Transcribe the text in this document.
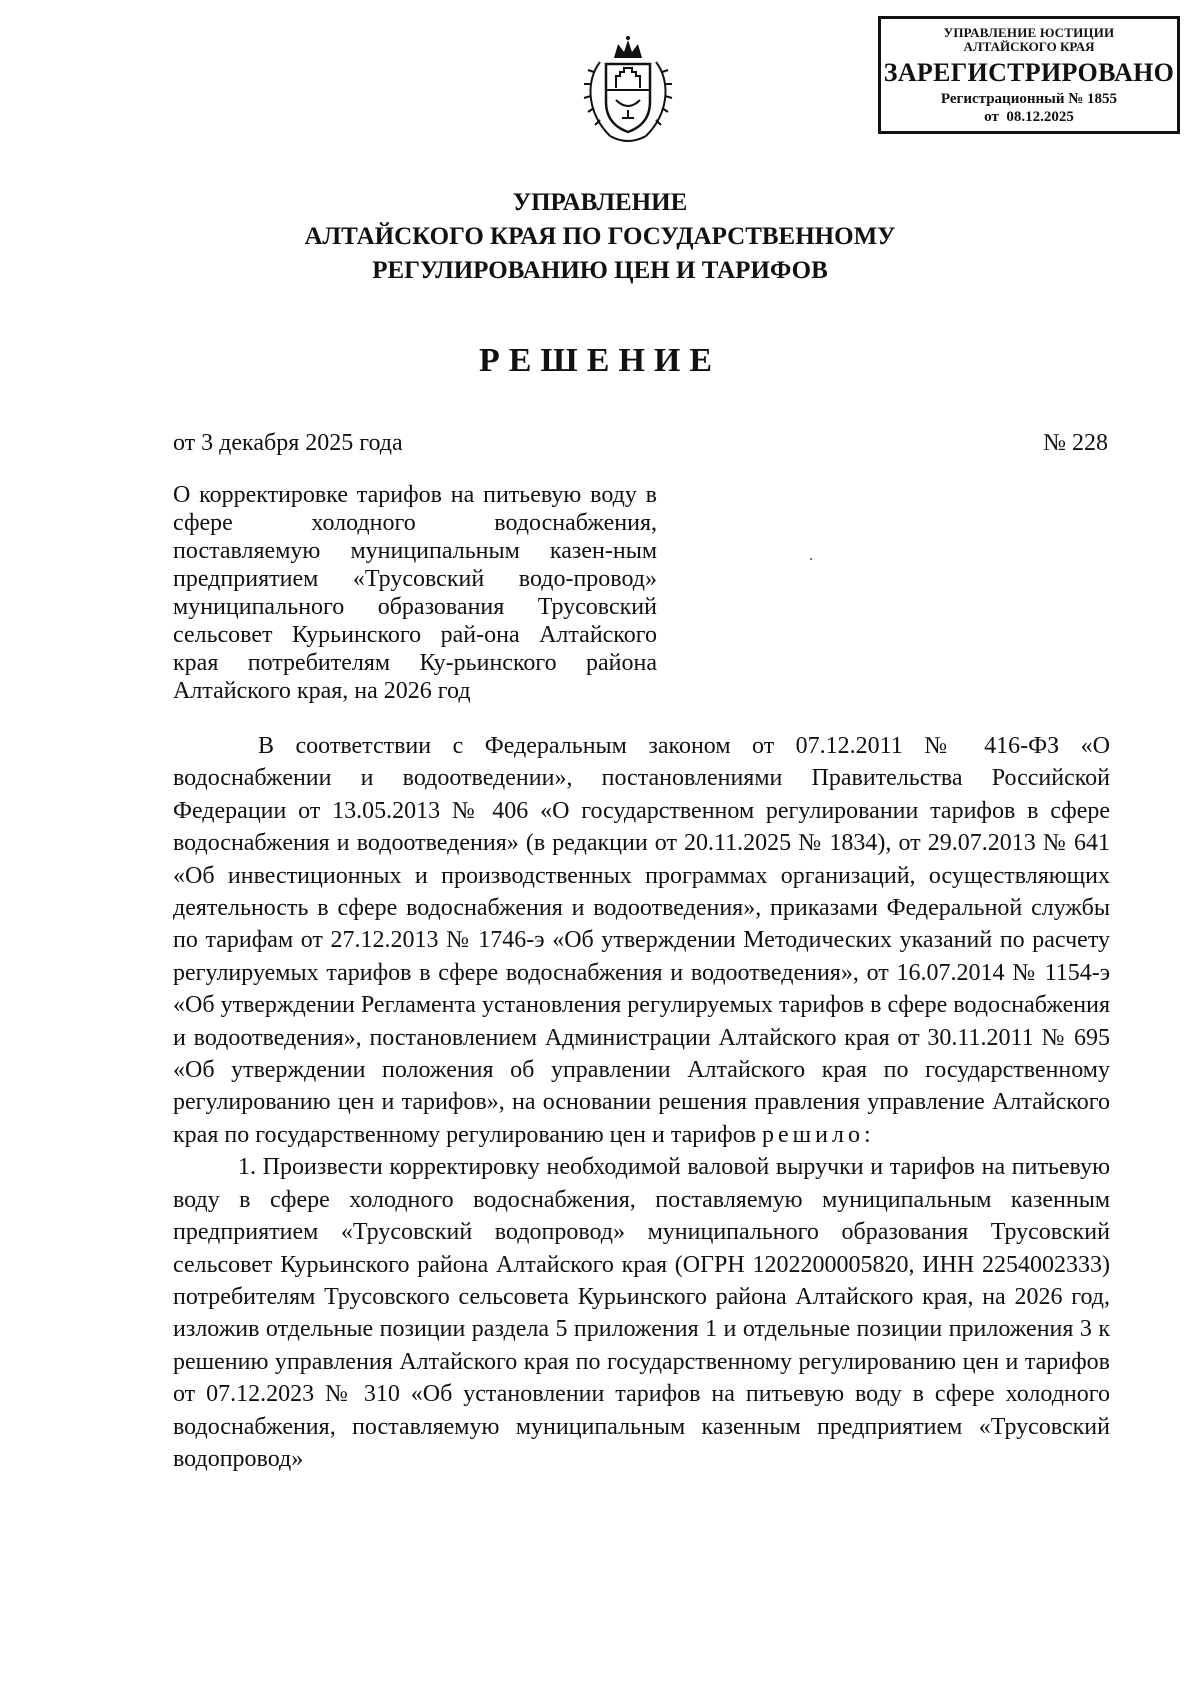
УПРАВЛЕНИЕ ЮСТИЦИИ
АЛТАЙСКОГО КРАЯ
ЗАРЕГИСТРИРОВАНО
Регистрационный № 1855
от  08.12.2025
УПРАВЛЕНИЕ
АЛТАЙСКОГО КРАЯ ПО ГОСУДАРСТВЕННОМУ
РЕГУЛИРОВАНИЮ ЦЕН И ТАРИФОВ
РЕШЕНИЕ
от 3 декабря 2025 года	№ 228
О корректировке тарифов на питьевую воду в сфере холодного водоснабжения, поставляемую муниципальным казен-ным предприятием «Трусовский водо-провод» муниципального образования Трусовский сельсовет Курьинского рай-она Алтайского края потребителям Ку-рьинского района Алтайского края, на 2026 год

В соответствии с Федеральным законом от 07.12.2011 № 416-ФЗ «О водоснабжении и водоотведении», постановлениями Правительства Российской Федерации от 13.05.2013 № 406 «О государственном регулировании тарифов в сфере водоснабжения и водоотведения» (в редакции от 20.11.2025 № 1834), от 29.07.2013 № 641 «Об инвестиционных и производственных программах организаций, осуществляющих деятельность в сфере водоснабжения и водоотведения», приказами Федеральной службы по тарифам от 27.12.2013 № 1746-э «Об утверждении Методических указаний по расчету регулируемых тарифов в сфере водоснабжения и водоотведения», от 16.07.2014 № 1154-э «Об утверждении Регламента установления регулируемых тарифов в сфере водоснабжения и водоотведения», постановлением Администрации Алтайского края от 30.11.2011 № 695 «Об утверждении положения об управлении Алтайского края по государственному регулированию цен и тарифов», на основании решения правления управление Алтайского края по государственному регулированию цен и тарифов решило:

1. Произвести корректировку необходимой валовой выручки и тарифов на питьевую воду в сфере холодного водоснабжения, поставляемую муниципальным казенным предприятием «Трусовский водопровод» муниципального образования Трусовский сельсовет Курьинского района Алтайского края (ОГРН 1202200005820, ИНН 2254002333) потребителям Трусовского сельсовета Курьинского района Алтайского края, на 2026 год, изложив отдельные позиции раздела 5 приложения 1 и отдельные позиции приложения 3 к решению управления Алтайского края по государственному регулированию цен и тарифов от 07.12.2023 № 310 «Об установлении тарифов на питьевую воду в сфере холодного водоснабжения, поставляемую муниципальным казенным предприятием «Трусовский водопровод»
